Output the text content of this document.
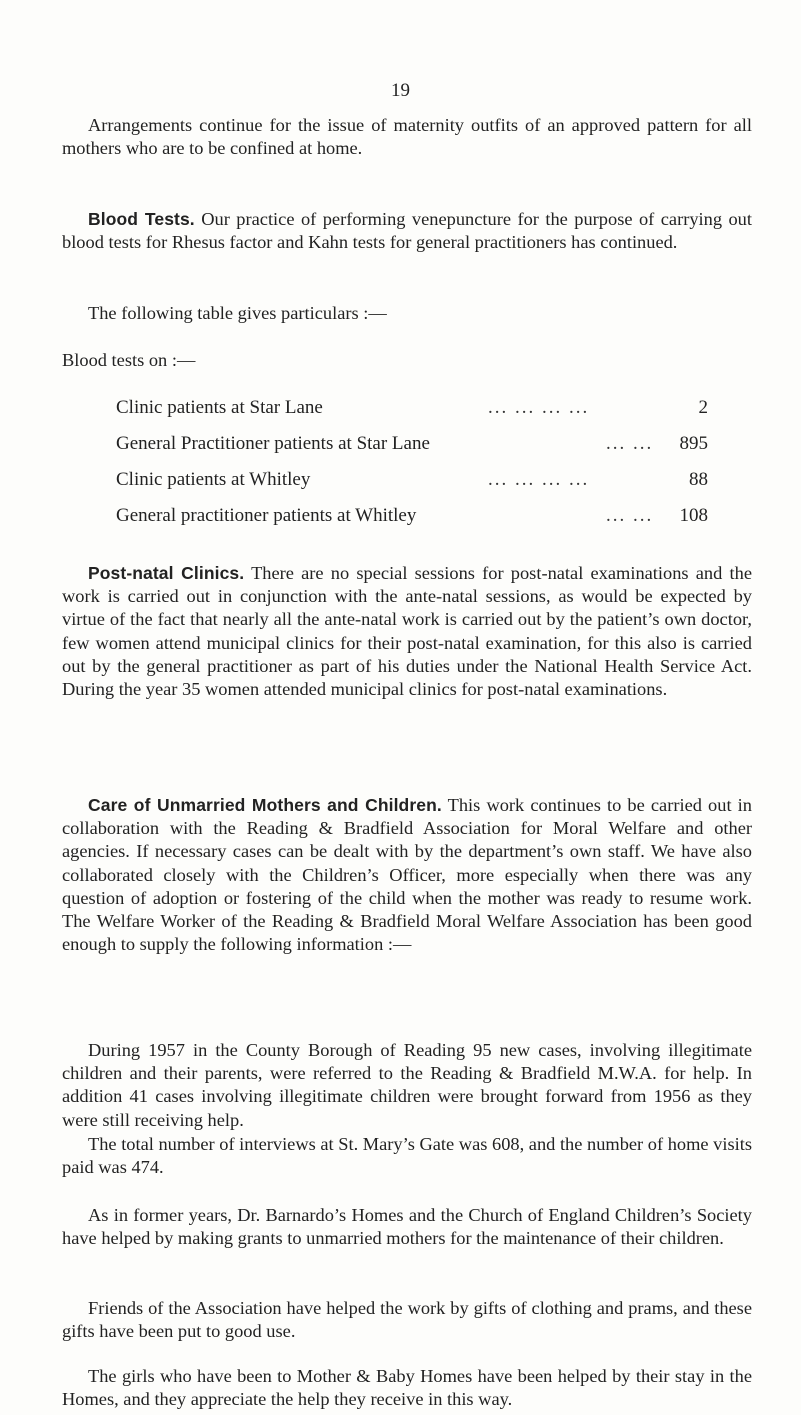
19

Arrangements continue for the issue of maternity outfits of an approved pattern for all mothers who are to be confined at home.

Blood Tests. Our practice of performing venepuncture for the purpose of carrying out blood tests for Rhesus factor and Kahn tests for general practitioners has continued.

The following table gives particulars :—

Blood tests on :—

Clinic patients at Star Lane	... ... ... ...	2
General Practitioner patients at Star Lane	... ... 895
Clinic patients at Whitley	... ... ... ...	88
General practitioner patients at Whitley	... ... 108

Post-natal Clinics. There are no special sessions for post-natal examinations and the work is carried out in conjunction with the ante-natal sessions, as would be expected by virtue of the fact that nearly all the ante-natal work is carried out by the patient’s own doctor, few women attend municipal clinics for their post-natal examination, for this also is carried out by the general practitioner as part of his duties under the National Health Service Act. During the year 35 women attended municipal clinics for post-natal examinations.

Care of Unmarried Mothers and Children. This work continues to be carried out in collaboration with the Reading & Bradfield Association for Moral Welfare and other agencies. If necessary cases can be dealt with by the department’s own staff. We have also collaborated closely with the Children’s Officer, more especially when there was any question of adoption or fostering of the child when the mother was ready to resume work. The Welfare Worker of the Reading & Bradfield Moral Welfare Association has been good enough to supply the following information :—

During 1957 in the County Borough of Reading 95 new cases, involving illegitimate children and their parents, were referred to the Reading & Bradfield M.W.A. for help. In addition 41 cases involving illegitimate children were brought forward from 1956 as they were still receiving help.

The total number of interviews at St. Mary’s Gate was 608, and the number of home visits paid was 474.

As in former years, Dr. Barnardo’s Homes and the Church of England Children’s Society have helped by making grants to unmarried mothers for the maintenance of their children.

Friends of the Association have helped the work by gifts of clothing and prams, and these gifts have been put to good use.

The girls who have been to Mother & Baby Homes have been helped by their stay in the Homes, and they appreciate the help they receive in this way.
